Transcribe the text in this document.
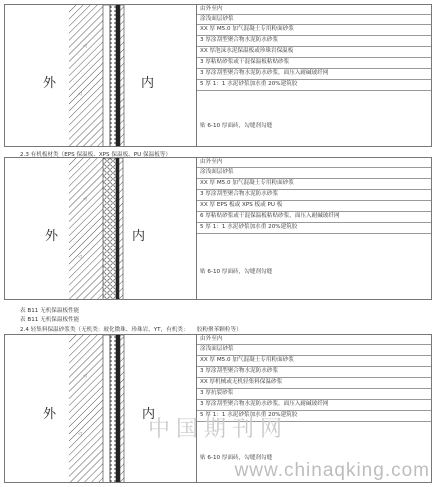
◁
◁
外	内
由外至内
涂浅面层砂浆
XX 厚 M5.0 加气混凝土专用粉面砂浆
3 厚涂刮型聚合物水泥防水砂浆
XX 厚泡沫水泥保温板或珍珠岩保温板
3 厚粘贴砂浆或干混保温板粘贴砂浆
3 厚涂刮型聚合物水泥防水砂浆，面压入耐碱玻纤网
5 厚 1：1 水泥砂浆加水重 20%建筑胶
贴 6-10 厚面砖，勾缝剂勾缝
2.3 有机板材类（EPS 保温板、XPS 保温板、PU 保温板等）
◁
◁
外	内
由外至内
涂浅面层砂浆
XX 厚 M5.0 加气混凝土专用粉面砂浆
3 厚涂刮型聚合物水泥防水砂浆
XX 厚 EPS 板或 XPS 板或 PU 板
6 厚粘贴砂浆或干混保温板粘贴砂浆，面压入耐碱玻纤网
5 厚 1：1 水泥砂浆加水重 20%建筑胶
贴 6-10 厚面砖，勾缝剂勾缝
表 B11 无机保温板性能
表 B11 无机保温板性能
2.4 轻集料保温砂浆类（无机类：玻化微珠、珍珠岩、YT，有机类：　　胶粉聚苯颗粒等）
◁
◁
外	内
由外至内
涂浅面层砂浆
XX 厚 M5.0 加气混凝土专用粉面砂浆
3 厚涂刮型聚合物水泥防水砂浆
XX 厚机械或无机轻集料保温砂浆
3 厚抗裂砂浆
3 厚涂刮型聚合物水泥防水砂浆，面压入耐碱玻纤网
5 厚 1：1 水泥砂浆加水重 20%建筑胶
贴 6-10 厚面砖，勾缝剂勾缝
中国期刊网
www.chinaqking.com
